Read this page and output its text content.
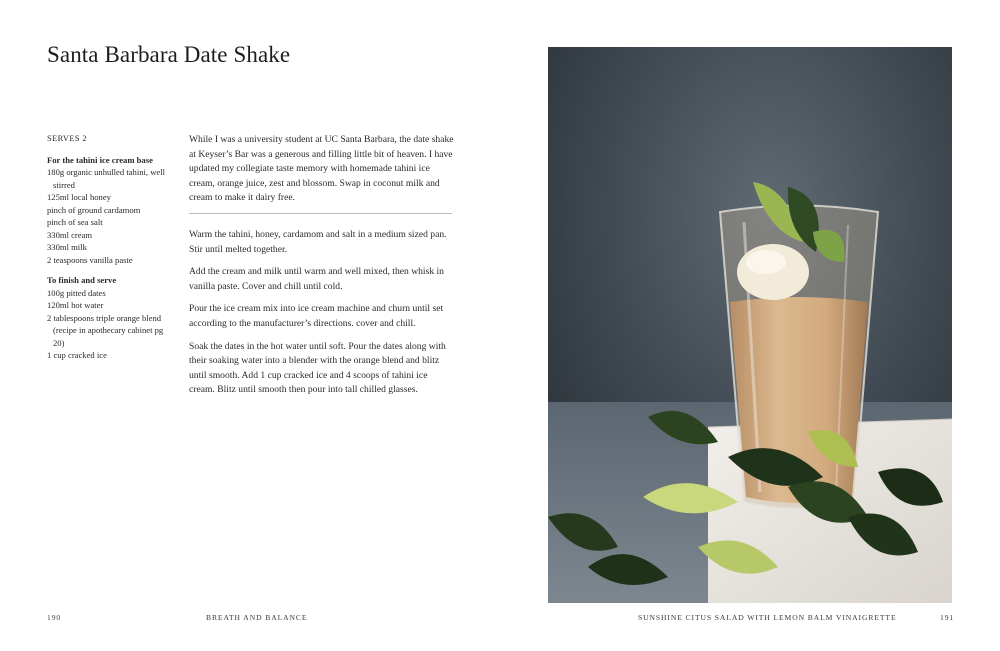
Santa Barbara Date Shake
SERVES 2
For the tahini ice cream base
180g organic unhulled tahini, well stirred
125ml local honey
pinch of ground cardamom
pinch of sea salt
330ml cream
330ml milk
2 teaspoons vanilla paste
To finish and serve
100g pitted dates
120ml hot water
2 tablespoons triple orange blend (recipe in apothecary cabinet pg 20)
1 cup cracked ice

While I was a university student at UC Santa Barbara, the date shake at Keyser’s Bar was a generous and filling little bit of heaven. I have updated my collegiate taste memory with homemade tahini ice cream, orange juice, zest and blossom. Swap in coconut milk and cream to make it dairy free.

Warm the tahini, honey, cardamom and salt in a medium sized pan. Stir until melted together.

Add the cream and milk until warm and well mixed, then whisk in vanilla paste. Cover and chill until cold.

Pour the ice cream mix into ice cream machine and churn until set according to the manufacturer’s directions. cover and chill.

Soak the dates in the hot water until soft. Pour the dates along with their soaking water into a blender with the orange blend and blitz until smooth. Add 1 cup cracked ice and 4 scoops of tahini ice cream. Blitz until smooth then pour into tall chilled glasses.

190	BREATH AND BALANCE	SUNSHINE CITUS SALAD WITH LEMON BALM VINAIGRETTE	191
